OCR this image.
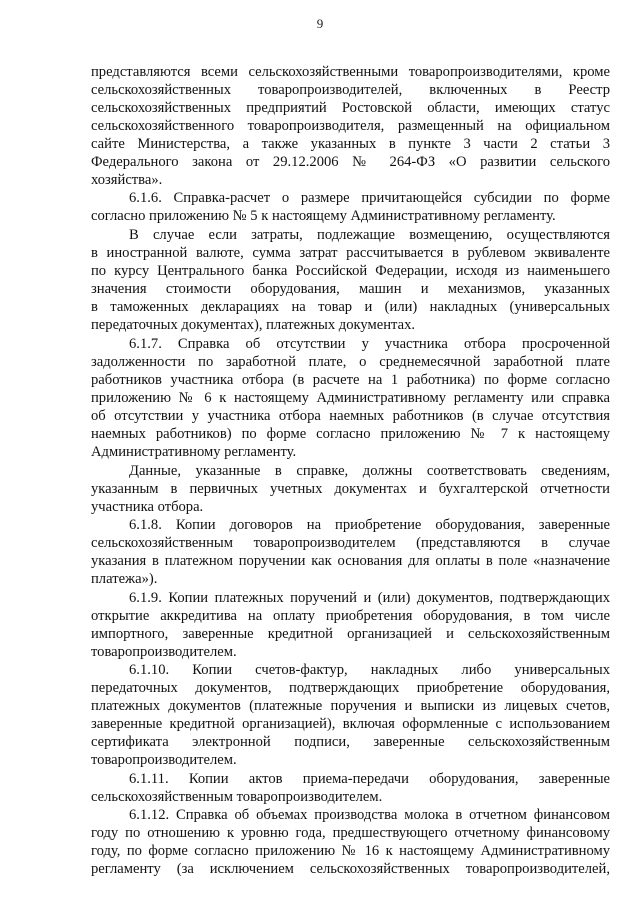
9
представляются всеми сельскохозяйственными товаропроизводителями, кроме
сельскохозяйственных товаропроизводителей, включенных в Реестр
сельскохозяйственных предприятий Ростовской области, имеющих статус
сельскохозяйственного товаропроизводителя, размещенный на официальном
сайте Министерства, а также указанных в пункте 3 части 2 статьи 3
Федерального закона от 29.12.2006 № 264-ФЗ «О развитии сельского
хозяйства».
6.1.6. Справка-расчет о размере причитающейся субсидии по форме
согласно приложению № 5 к настоящему Административному регламенту.
В случае если затраты, подлежащие возмещению, осуществляются
в иностранной валюте, сумма затрат рассчитывается в рублевом эквиваленте
по курсу Центрального банка Российской Федерации, исходя из наименьшего
значения стоимости оборудования, машин и механизмов, указанных
в таможенных декларациях на товар и (или) накладных (универсальных
передаточных документах), платежных документах.
6.1.7. Справка об отсутствии у участника отбора просроченной
задолженности по заработной плате, о среднемесячной заработной плате
работников участника отбора (в расчете на 1 работника) по форме согласно
приложению № 6 к настоящему Административному регламенту или справка
об отсутствии у участника отбора наемных работников (в случае отсутствия
наемных работников) по форме согласно приложению № 7 к настоящему
Административному регламенту.
Данные, указанные в справке, должны соответствовать сведениям,
указанным в первичных учетных документах и бухгалтерской отчетности
участника отбора.
6.1.8. Копии договоров на приобретение оборудования, заверенные
сельскохозяйственным товаропроизводителем (представляются в случае
указания в платежном поручении как основания для оплаты в поле «назначение
платежа»).
6.1.9. Копии платежных поручений и (или) документов, подтверждающих
открытие аккредитива на оплату приобретения оборудования, в том числе
импортного, заверенные кредитной организацией и сельскохозяйственным
товаропроизводителем.
6.1.10. Копии счетов-фактур, накладных либо универсальных
передаточных документов, подтверждающих приобретение оборудования,
платежных документов (платежные поручения и выписки из лицевых счетов,
заверенные кредитной организацией), включая оформленные с использованием
сертификата электронной подписи, заверенные сельскохозяйственным
товаропроизводителем.
6.1.11. Копии актов приема-передачи оборудования, заверенные
сельскохозяйственным товаропроизводителем.
6.1.12. Справка об объемах производства молока в отчетном финансовом
году по отношению к уровню года, предшествующего отчетному финансовому
году, по форме согласно приложению № 16 к настоящему Административному
регламенту (за исключением сельскохозяйственных товаропроизводителей,
